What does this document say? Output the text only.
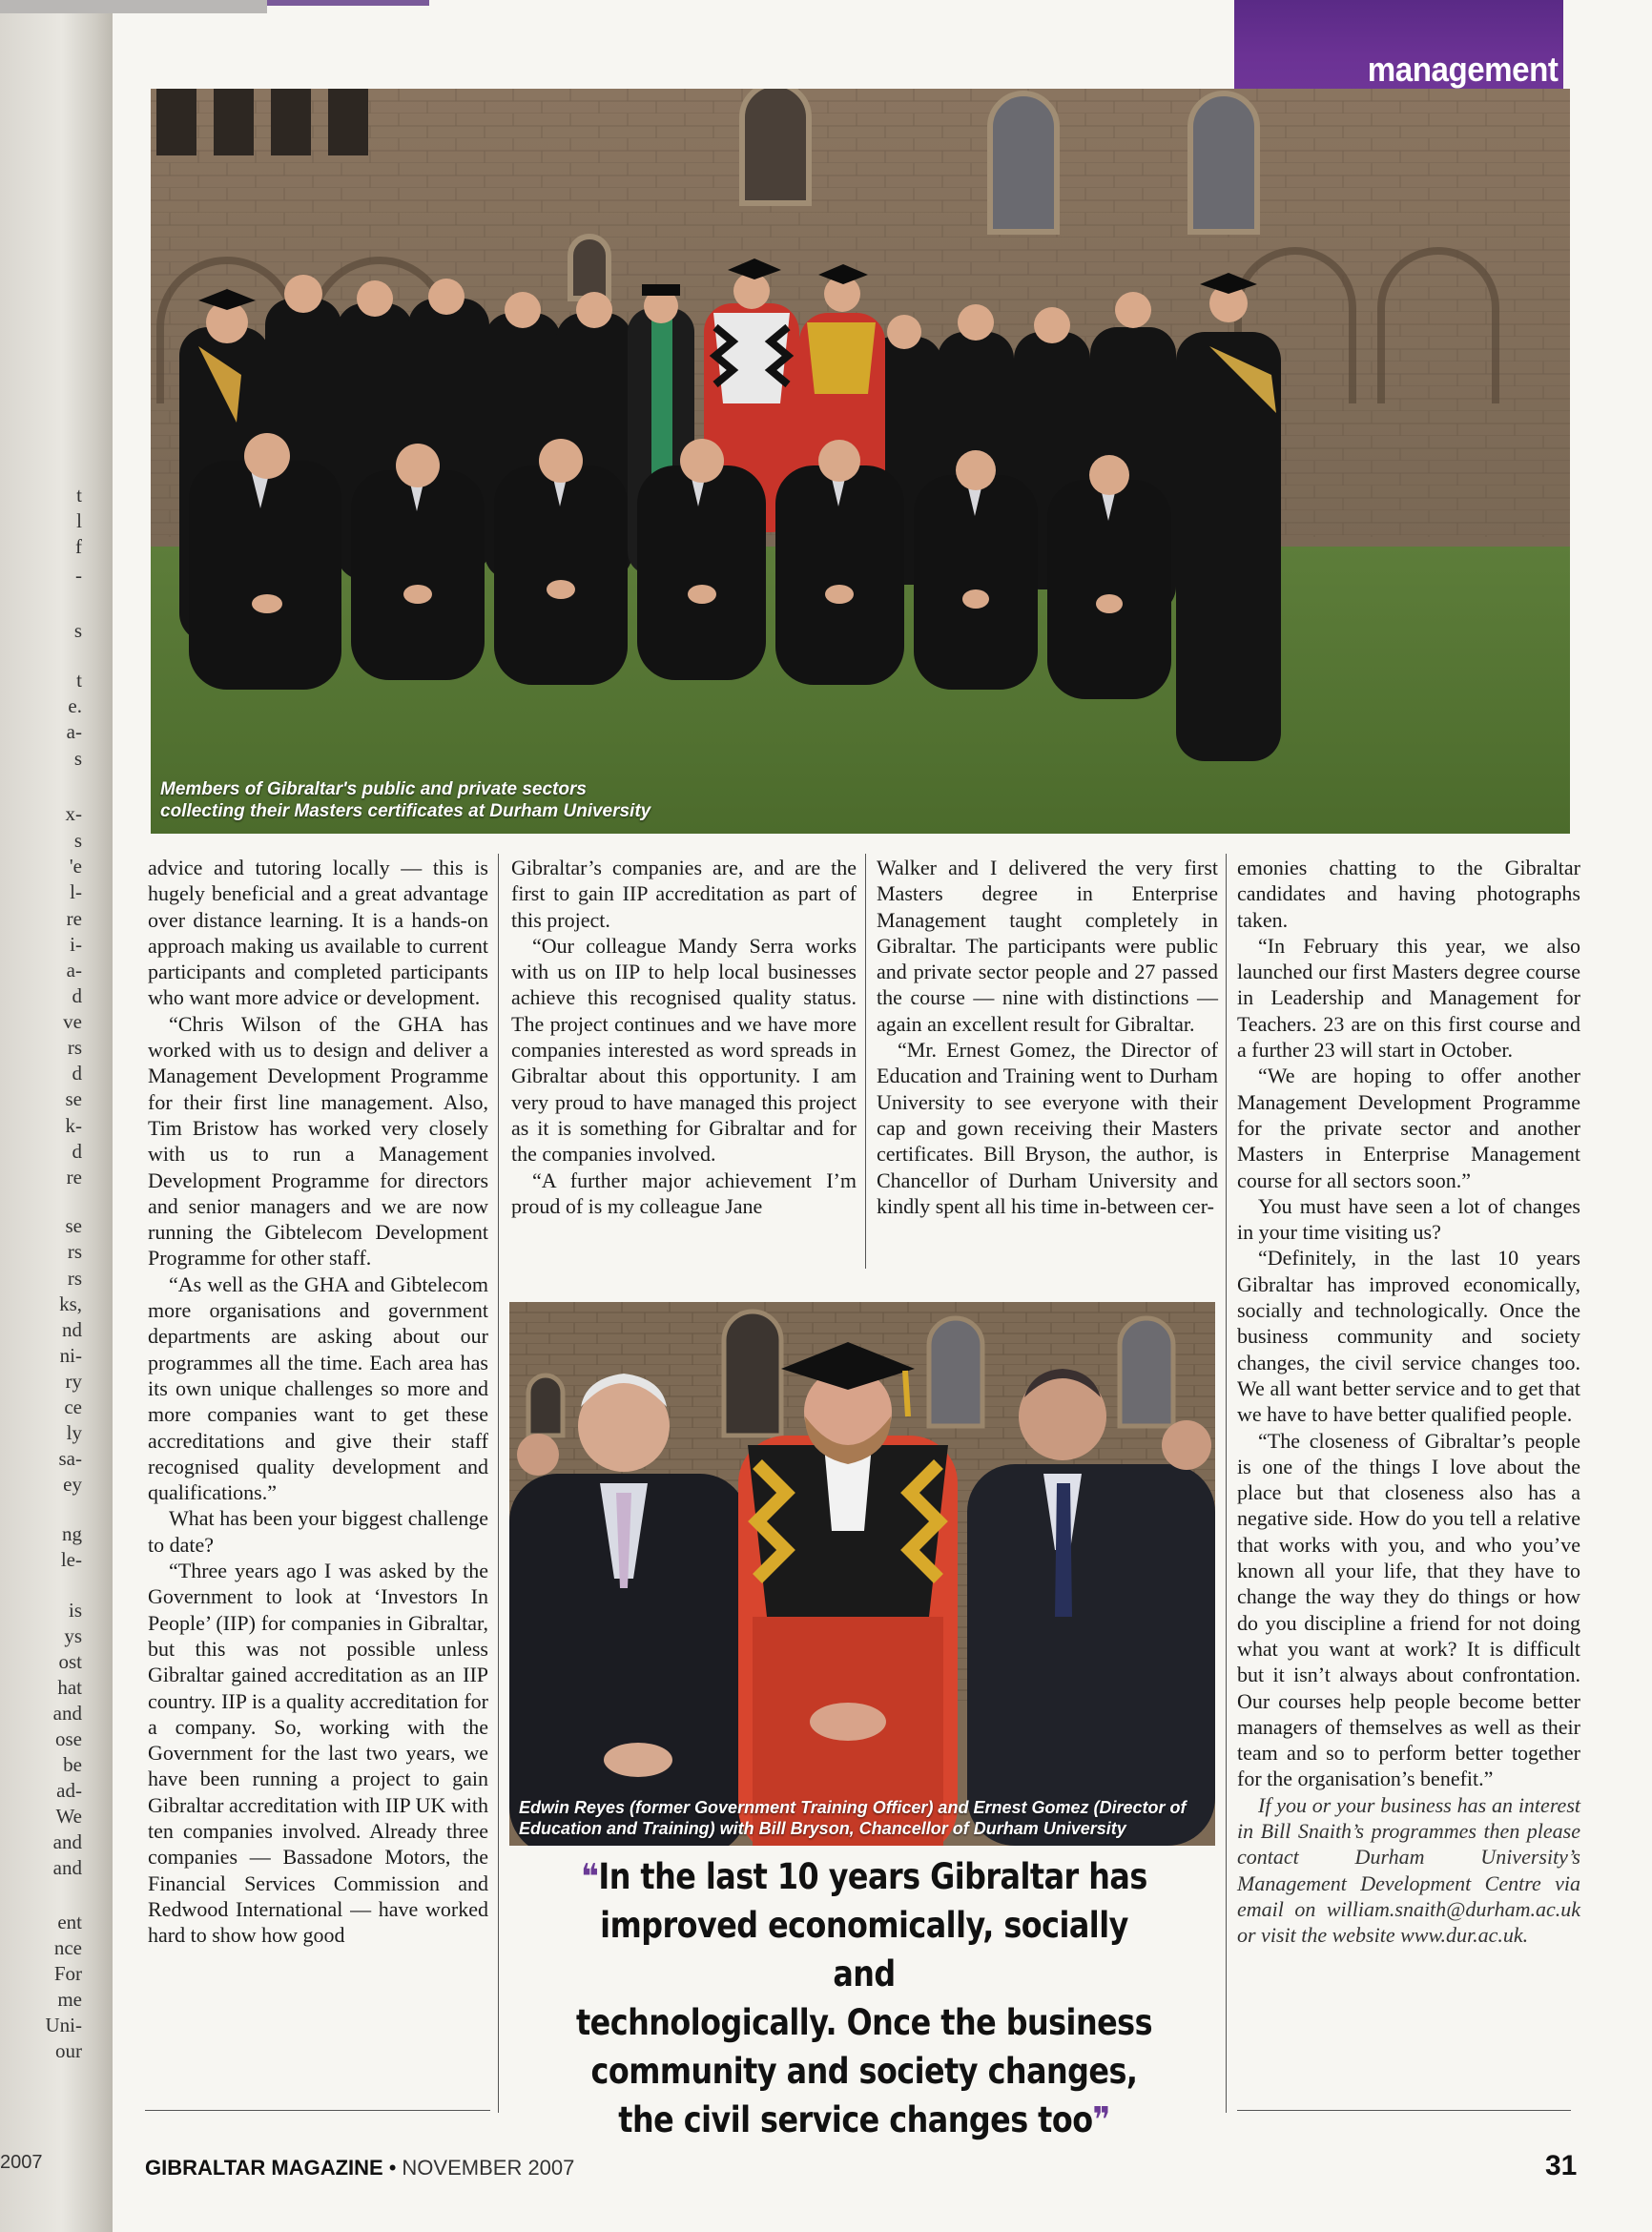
t
l
f
-
s
t
e.
a-
s
x-
s
'e
l-
re
i-
a-
d
ve
rs
d
se
k-
d
re
se
rs
rs
ks,
nd
ni-
ry
ce
ly
sa-
ey
ng
le-
is
ys
ost
hat
and
ose
be
ad-
We
and
and
ent
nce
For
me
Uni-
our
2007
management
Members of Gibraltar's public and private sectors
collecting their Masters certificates at Durham University

advice and tutoring locally — this is hugely beneficial and a great advantage over distance learning. It is a hands-on approach making us available to current participants and completed participants who want more advice or development.

“Chris Wilson of the GHA has worked with us to design and deliver a Management Development Programme for their first line management. Also, Tim Bristow has worked very closely with us to run a Management Development Programme for directors and senior managers and we are now running the Gibtelecom Development Programme for other staff.

“As well as the GHA and Gibtelecom more organisations and government departments are asking about our programmes all the time. Each area has its own unique challenges so more and more companies want to get these accreditations and give their staff recognised quality development and qualifications.”

What has been your biggest challenge to date?

“Three years ago I was asked by the Government to look at ‘Investors In People’ (IIP) for companies in Gibraltar, but this was not possible unless Gibraltar gained accreditation as an IIP country. IIP is a quality accreditation for a company. So, working with the Government for the last two years, we have been running a project to gain Gibraltar accreditation with IIP UK with ten companies involved. Already three companies — Bassadone Motors, the Financial Services Commission and Redwood International — have worked hard to show how good

Gibraltar’s companies are, and are the first to gain IIP accreditation as part of this project.

“Our colleague Mandy Serra works with us on IIP to help local businesses achieve this recognised quality status. The project continues and we have more companies interested as word spreads in Gibraltar about this opportunity. I am very proud to have managed this project as it is something for Gibraltar and for the companies involved.

“A further major achievement I’m proud of is my colleague Jane

Walker and I delivered the very first Masters degree in Enterprise Management taught completely in Gibraltar. The participants were public and private sector people and 27 passed the course — nine with distinctions — again an excellent result for Gibraltar.

“Mr. Ernest Gomez, the Director of Education and Training went to Durham University to see everyone with their cap and gown receiving their Masters certificates. Bill Bryson, the author, is Chancellor of Durham University and kindly spent all his time in-between cer-

emonies chatting to the Gibraltar candidates and having photographs taken.

“In February this year, we also launched our first Masters degree course in Leadership and Management for Teachers. 23 are on this first course and a further 23 will start in October.

“We are hoping to offer another Management Development Programme for the private sector and another Masters in Enterprise Management course for all sectors soon.”

You must have seen a lot of changes in your time visiting us?

“Definitely, in the last 10 years Gibraltar has improved economically, socially and technologically. Once the business community and society changes, the civil service changes too. We all want better service and to get that we have to have better qualified people.

“The closeness of Gibraltar’s people is one of the things I love about the place but that closeness also has a negative side. How do you tell a relative that works with you, and who you’ve known all your life, that they have to change the way they do things or how do you discipline a friend for not doing what you want at work? It is difficult but it isn’t always about confrontation. Our courses help people become better managers of themselves as well as their team and so to perform better together for the organisation’s benefit.”

If you or your business has an interest in Bill Snaith’s programmes then please contact Durham University’s Management Development Centre via email on william.snaith@durham.ac.uk or visit the website www.dur.ac.uk.

Edwin Reyes (former Government Training Officer) and Ernest Gomez (Director of
Education and Training) with Bill Bryson, Chancellor of Durham University
❝In the last 10 years Gibraltar has
improved economically, socially and
technologically. Once the business
community and society changes,
the civil service changes too❞
GIBRALTAR MAGAZINE • NOVEMBER 2007	31
